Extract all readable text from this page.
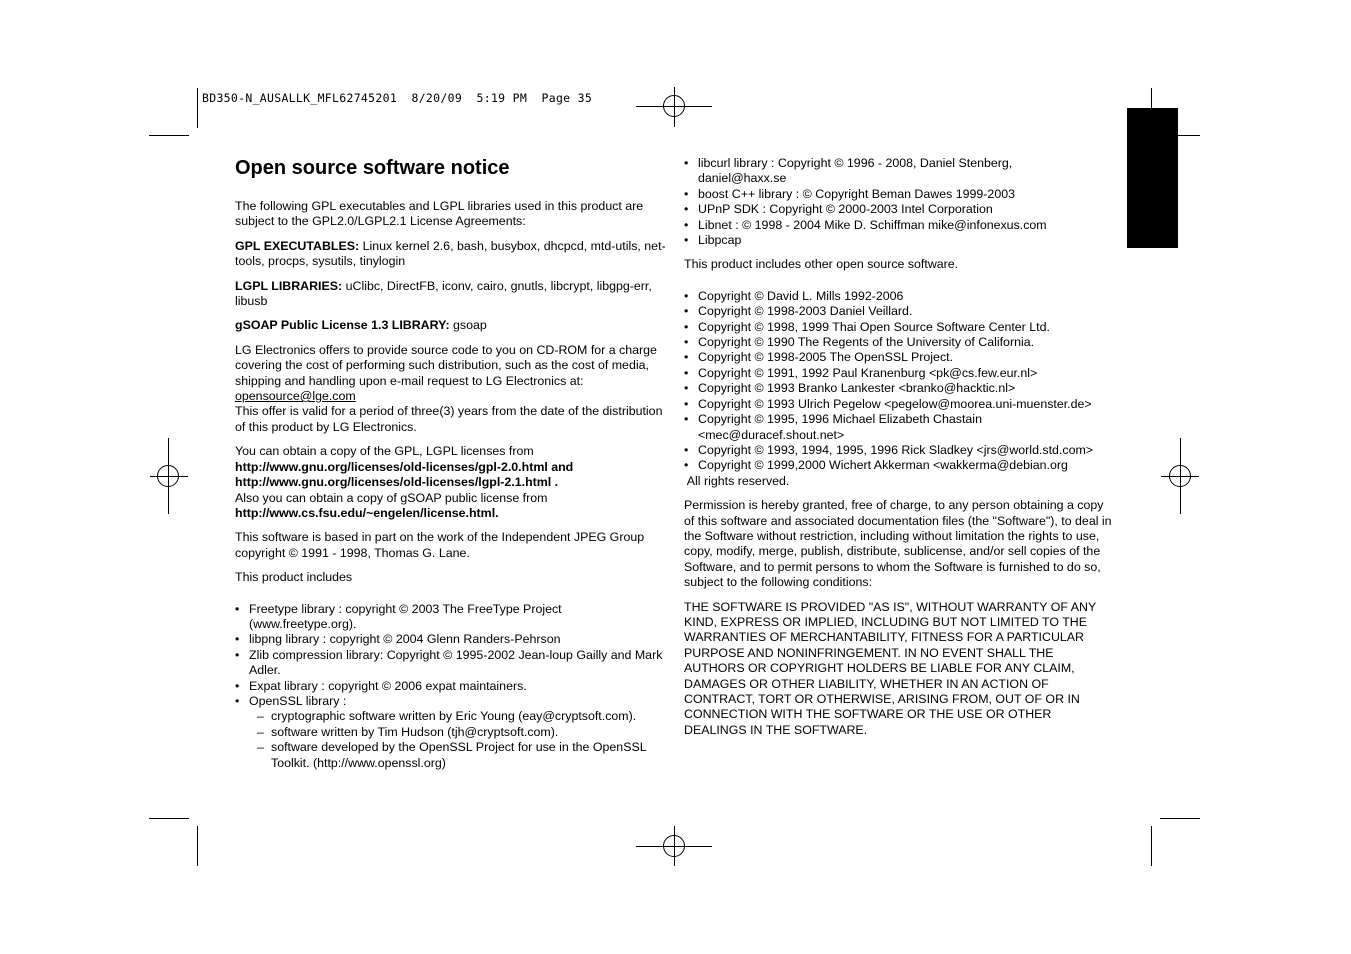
BD350-N_AUSALLK_MFL62745201  8/20/09  5:19 PM  Page 35
Open source software notice

The following GPL executables and LGPL libraries used in this product are subject to the GPL2.0/LGPL2.1 License Agreements:

GPL EXECUTABLES: Linux kernel 2.6, bash, busybox, dhcpcd, mtd-utils, net-tools, procps, sysutils, tinylogin

LGPL LIBRARIES: uClibc, DirectFB, iconv, cairo, gnutls, libcrypt, libgpg-err, libusb

gSOAP Public License 1.3 LIBRARY: gsoap

LG Electronics offers to provide source code to you on CD-ROM for a charge covering the cost of performing such distribution, such as the cost of media, shipping and handling upon e-mail request to LG Electronics at:

opensource@lge.com

This offer is valid for a period of three(3) years from the date of the distribution of this product by LG Electronics.

You can obtain a copy of the GPL, LGPL licenses from
http://www.gnu.org/licenses/old-licenses/gpl-2.0.html and
http://www.gnu.org/licenses/old-licenses/lgpl-2.1.html .
Also you can obtain a copy of gSOAP public license from

http://www.cs.fsu.edu/~engelen/license.html.

This software is based in part on the work of the Independent JPEG Group copyright © 1991 - 1998, Thomas G. Lane.

This product includes

• Freetype library : copyright © 2003 The FreeType Project (www.freetype.org).
• libpng library : copyright © 2004 Glenn Randers-Pehrson
• Zlib compression library: Copyright © 1995-2002 Jean-loup Gailly and Mark Adler.
• Expat library : copyright © 2006 expat maintainers.
• OpenSSL library :
– cryptographic software written by Eric Young (eay@cryptsoft.com).
– software written by Tim Hudson (tjh@cryptsoft.com).
– software developed by the OpenSSL Project for use in the OpenSSL Toolkit. (http://www.openssl.org)
• libcurl library : Copyright © 1996 - 2008, Daniel Stenberg, daniel@haxx.se
• boost C++ library : © Copyright Beman Dawes 1999-2003
• UPnP SDK : Copyright © 2000-2003 Intel Corporation
• Libnet : © 1998 - 2004 Mike D. Schiffman mike@infonexus.com
• Libpcap

This product includes other open source software.

• Copyright © David L. Mills 1992-2006
• Copyright © 1998-2003 Daniel Veillard.
• Copyright © 1998, 1999 Thai Open Source Software Center Ltd.
• Copyright © 1990 The Regents of the University of California.
• Copyright © 1998-2005 The OpenSSL Project.
• Copyright © 1991, 1992 Paul Kranenburg <pk@cs.few.eur.nl>
• Copyright © 1993 Branko Lankester <branko@hacktic.nl>
• Copyright © 1993 Ulrich Pegelow <pegelow@moorea.uni-muenster.de>
• Copyright © 1995, 1996 Michael Elizabeth Chastain <mec@duracef.shout.net>
• Copyright © 1993, 1994, 1995, 1996 Rick Sladkey <jrs@world.std.com>
• Copyright © 1999,2000 Wichert Akkerman <wakkerma@debian.org

All rights reserved.

Permission is hereby granted, free of charge, to any person obtaining a copy of this software and associated documentation files (the "Software"), to deal in the Software without restriction, including without limitation the rights to use, copy, modify, merge, publish, distribute, sublicense, and/or sell copies of the Software, and to permit persons to whom the Software is furnished to do so, subject to the following conditions:

THE SOFTWARE IS PROVIDED "AS IS", WITHOUT WARRANTY OF ANY KIND, EXPRESS OR IMPLIED, INCLUDING BUT NOT LIMITED TO THE WARRANTIES OF MERCHANTABILITY, FITNESS FOR A PARTICULAR PURPOSE AND NONINFRINGEMENT. IN NO EVENT SHALL THE AUTHORS OR COPYRIGHT HOLDERS BE LIABLE FOR ANY CLAIM, DAMAGES OR OTHER LIABILITY, WHETHER IN AN ACTION OF CONTRACT, TORT OR OTHERWISE, ARISING FROM, OUT OF OR IN CONNECTION WITH THE SOFTWARE OR THE USE OR OTHER DEALINGS IN THE SOFTWARE.
